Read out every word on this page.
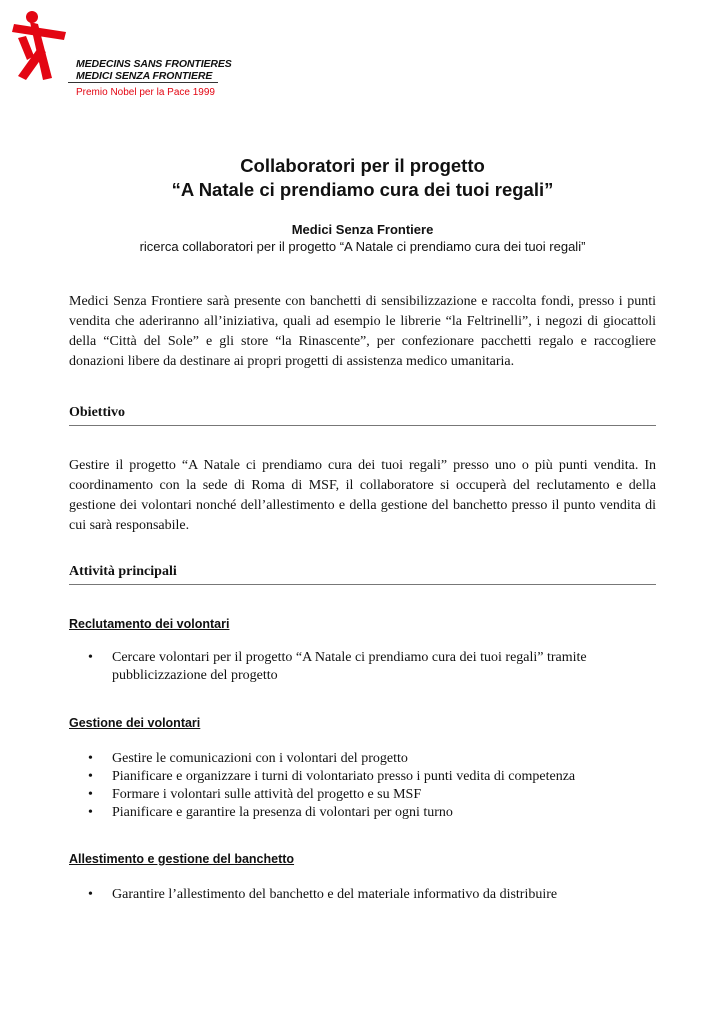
MEDECINS SANS FRONTIERES
MEDICI SENZA FRONTIERE
Premio Nobel per la Pace 1999
Collaboratori per il progetto
“A Natale ci prendiamo cura dei tuoi regali”
Medici Senza Frontiere
ricerca collaboratori per il progetto “A Natale ci prendiamo cura dei tuoi regali”
Medici Senza Frontiere sarà presente con banchetti di sensibilizzazione e raccolta fondi, presso i punti vendita che aderiranno all’iniziativa, quali ad esempio le librerie “la Feltrinelli”, i negozi di giocattoli della “Città del Sole” e gli store “la Rinascente”, per confezionare pacchetti regalo e raccogliere donazioni libere da destinare ai propri progetti di assistenza medico umanitaria.
Obiettivo
Gestire il progetto “A Natale ci prendiamo cura dei tuoi regali” presso uno o più punti vendita. In coordinamento con la sede di Roma di MSF, il collaboratore si occuperà del reclutamento e della gestione dei volontari nonché dell’allestimento e della gestione del banchetto presso il punto vendita di cui sarà responsabile.
Attività principali
Reclutamento dei volontari
• Cercare volontari per il progetto “A Natale ci prendiamo cura dei tuoi regali” tramite pubblicizzazione del progetto
Gestione dei volontari
• Gestire le comunicazioni con i volontari del progetto
• Pianificare e organizzare i turni di volontariato presso i punti vedita di competenza
• Formare i volontari sulle attività del progetto e su MSF
• Pianificare e garantire la presenza di volontari per ogni turno
Allestimento e gestione del banchetto
• Garantire l’allestimento del banchetto e del materiale informativo da distribuire
